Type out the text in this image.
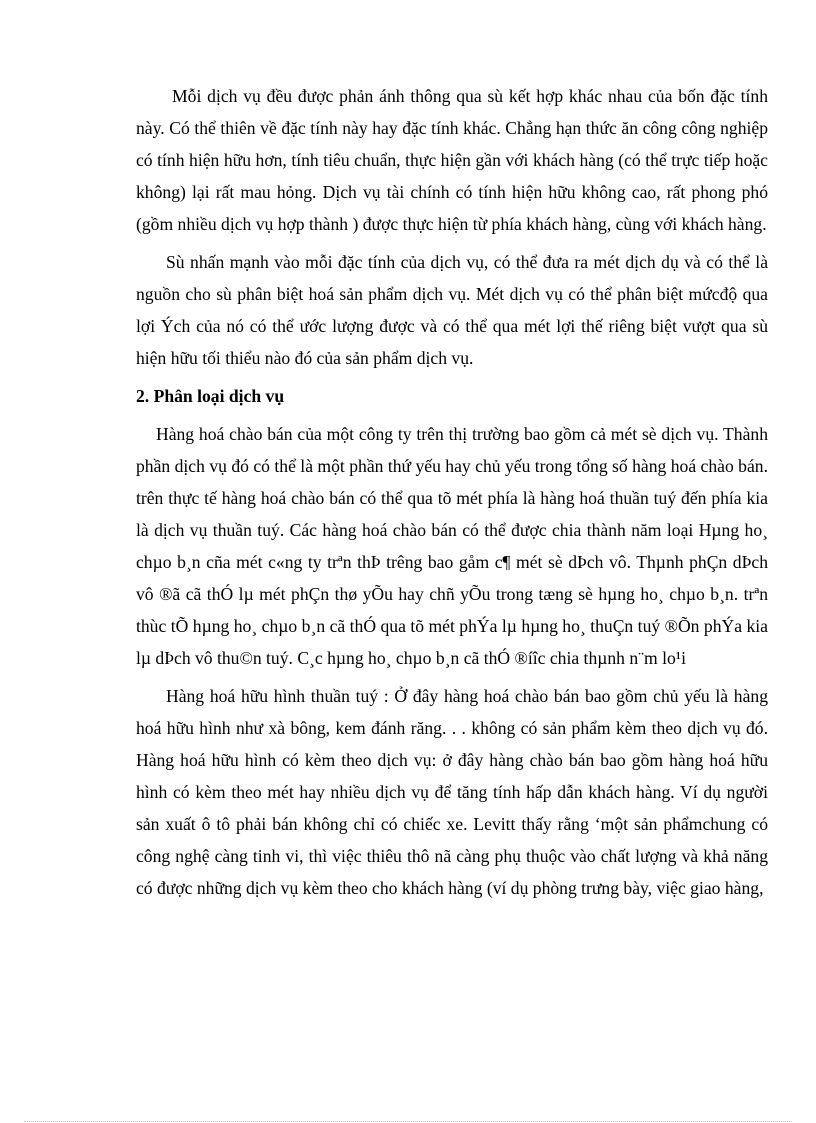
Mỗi dịch vụ đều được phản ánh thông qua sù kết hợp khác nhau của bốn đặc tính này. Có thể thiên về đặc tính này hay đặc tính khác. Chẳng hạn thức ăn công công nghiệp có tính hiện hữu hơn, tính tiêu chuẩn, thực hiện gần với khách hàng (có thể trực tiếp hoặc không) lại rất mau hỏng. Dịch vụ tài chính có tính hiện hữu không cao, rất phong phó (gồm nhiều dịch vụ hợp thành ) được thực hiện từ phía khách hàng, cùng với khách hàng.

Sù nhấn mạnh vào mỗi đặc tính của dịch vụ, có thể đưa ra mét dịch dụ và có thể là nguồn cho sù phân biệt hoá sản phẩm dịch vụ. Mét dịch vụ có thể phân biệt mứcđộ qua lợi Ých của nó có thể ước lượng được và có thể qua mét lợi thế riêng biệt vượt qua sù hiện hữu tối thiểu nào đó của sản phẩm dịch vụ.

2. Phân loại dịch vụ

Hàng hoá chào bán của một công ty trên thị trường bao gồm cả mét sè dịch vụ. Thành phần dịch vụ đó có thể là một phần thứ yếu hay chủ yếu trong tổng số hàng hoá chào bán. trên thực tế hàng hoá chào bán có thể qua tõ mét phía là hàng hoá thuần tuý đến phía kia là dịch vụ thuần tuý. Các hàng hoá chào bán có thể được chia thành năm loại Hµng ho¸ chµo b¸n cña mét c«ng ty trªn thÞ trêng bao gåm c¶ mét sè dÞch vô. Thµnh phÇn dÞch vô ®ã cã thÓ lµ mét phÇn thø yÕu hay chñ yÕu trong tæng sè hµng ho¸ chµo b¸n. trªn thùc tÕ hµng ho¸ chµo b¸n cã thÓ qua tõ mét phÝa lµ hµng ho¸ thuÇn tuý ®Õn phÝa kia lµ dÞch vô thu©n tuý. C¸c hµng ho¸ chµo b¸n cã thÓ ®íîc chia thµnh n¨m lo¹i

Hàng hoá hữu hình thuần tuý : Ở đây hàng hoá chào bán bao gồm chủ yếu là hàng hoá hữu hình như xà bông, kem đánh răng. . . không có sản phẩm kèm theo dịch vụ đó. Hàng hoá hữu hình có kèm theo dịch vụ: ở đây hàng chào bán bao gồm hàng hoá hữu hình có kèm theo mét hay nhiều dịch vụ để tăng tính hấp dẫn khách hàng. Ví dụ người sản xuất ô tô phải bán không chỉ có chiếc xe. Levitt thấy rằng ‘một sản phẩmchung có công nghệ càng tinh vi, thì việc thiêu thô nã càng phụ thuộc vào chất lượng và khả năng có được những dịch vụ kèm theo cho khách hàng (ví dụ phòng trưng bày, việc giao hàng,
